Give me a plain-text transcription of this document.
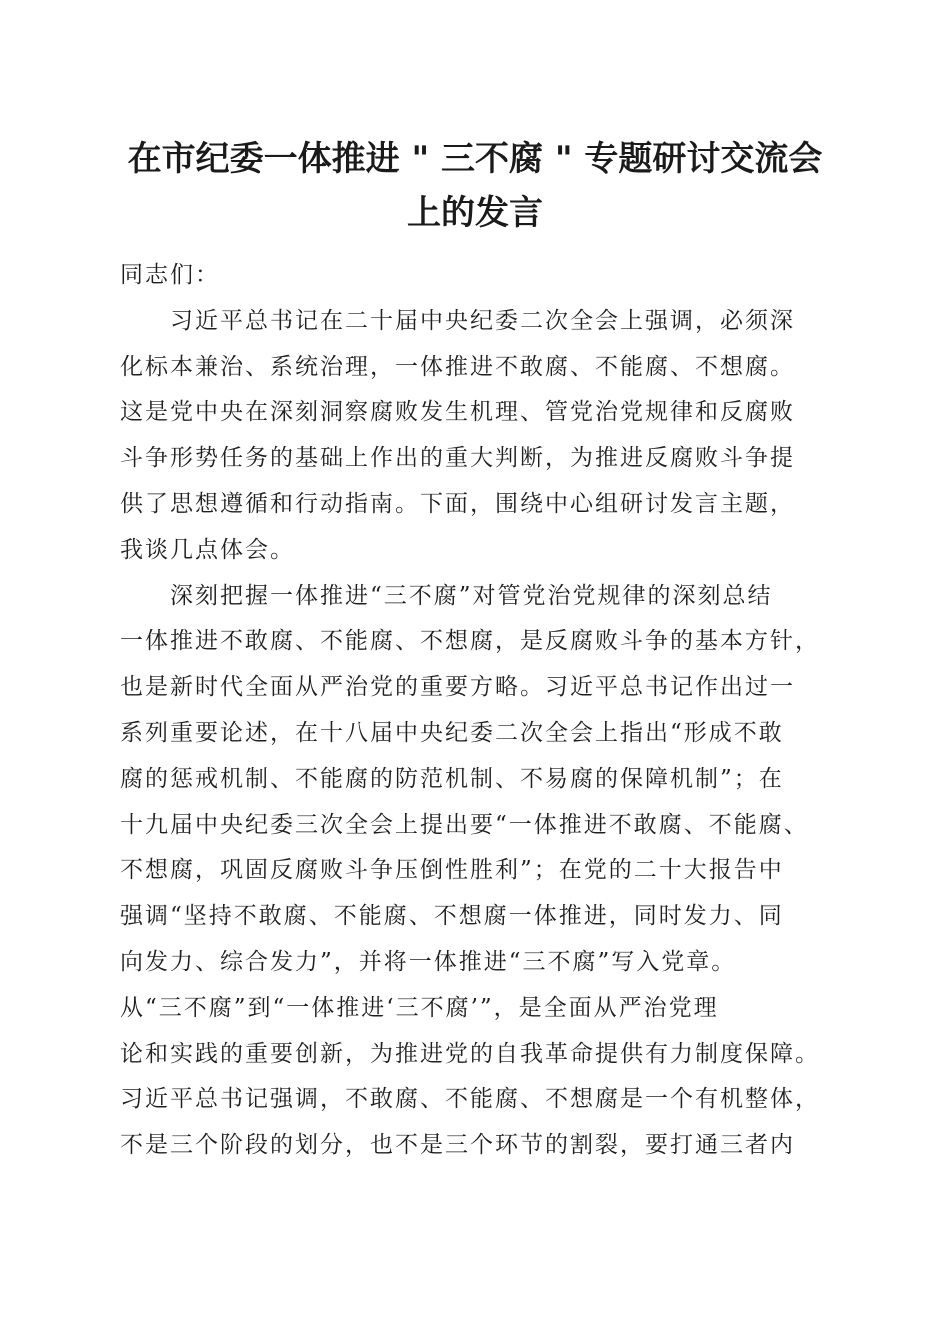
在市纪委一体推进 " 三不腐 " 专题研讨交流会
上的发言
同志们：
习近平总书记在二十届中央纪委二次全会上强调，必须深
化标本兼治、系统治理，一体推进不敢腐、不能腐、不想腐。
这是党中央在深刻洞察腐败发生机理、管党治党规律和反腐败
斗争形势任务的基础上作出的重大判断，为推进反腐败斗争提
供了思想遵循和行动指南。下面，围绕中心组研讨发言主题，
我谈几点体会。
深刻把握一体推进“三不腐”对管党治党规律的深刻总结
一体推进不敢腐、不能腐、不想腐，是反腐败斗争的基本方针，
也是新时代全面从严治党的重要方略。习近平总书记作出过一
系列重要论述，在十八届中央纪委二次全会上指出“形成不敢
腐的惩戒机制、不能腐的防范机制、不易腐的保障机制”；在
十九届中央纪委三次全会上提出要“一体推进不敢腐、不能腐、
不想腐，巩固反腐败斗争压倒性胜利”；在党的二十大报告中
强调“坚持不敢腐、不能腐、不想腐一体推进，同时发力、同
向发力、综合发力”，并将一体推进“三不腐”写入党章。
从“三不腐”到“一体推进‘三不腐’”，是全面从严治党理
论和实践的重要创新，为推进党的自我革命提供有力制度保障。
习近平总书记强调，不敢腐、不能腐、不想腐是一个有机整体，
不是三个阶段的划分，也不是三个环节的割裂，要打通三者内
